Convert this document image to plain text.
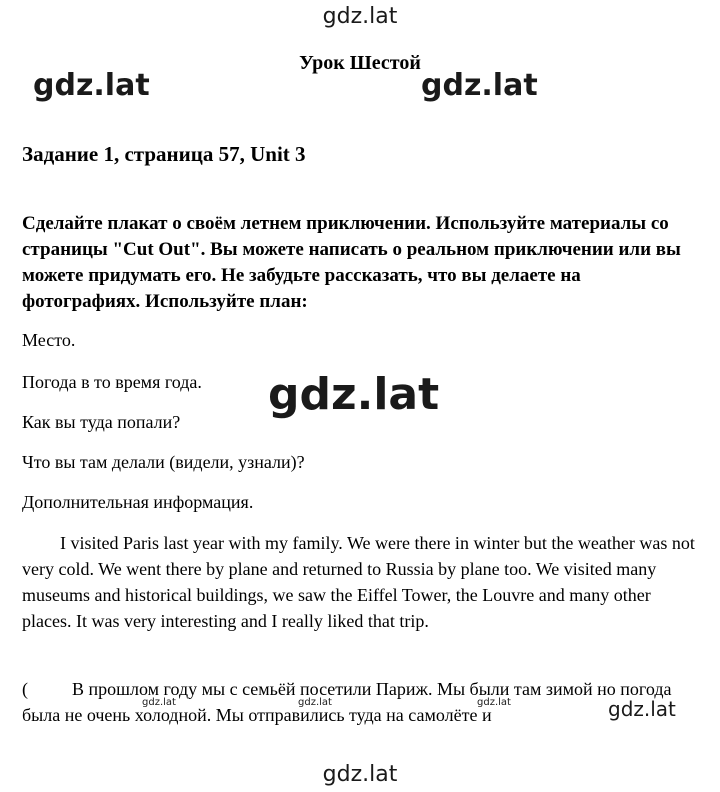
gdz.lat
gdz.lat	gdz.lat
Урок Шестой
Задание 1, страница 57, Unit 3
Сделайте плакат о своём летнем приключении. Используйте материалы со страницы "Cut Out". Вы можете написать о реальном приключении или вы можете придумать его. Не забудьте рассказать, что вы делаете на фотографиях. Используйте план:
Место.
Погода в то время года.
Как вы туда попали?
Что вы там делали (видели, узнали)?
Дополнительная информация.
gdz.lat
I visited Paris last year with my family. We were there in winter but the weather was not very cold. We went there by plane and returned to Russia by plane too. We visited many museums and historical buildings, we saw the Eiffel Tower, the Louvre and many other places. It was very interesting and I really liked that trip.
( В прошлом году мы с семьёй посетили Париж. Мы были там зимой но погода была не очень холодной. Мы отправились туда на самолёте и
gdz.lat	gdz.lat	gdz.lat	gdz.lat
gdz.lat
